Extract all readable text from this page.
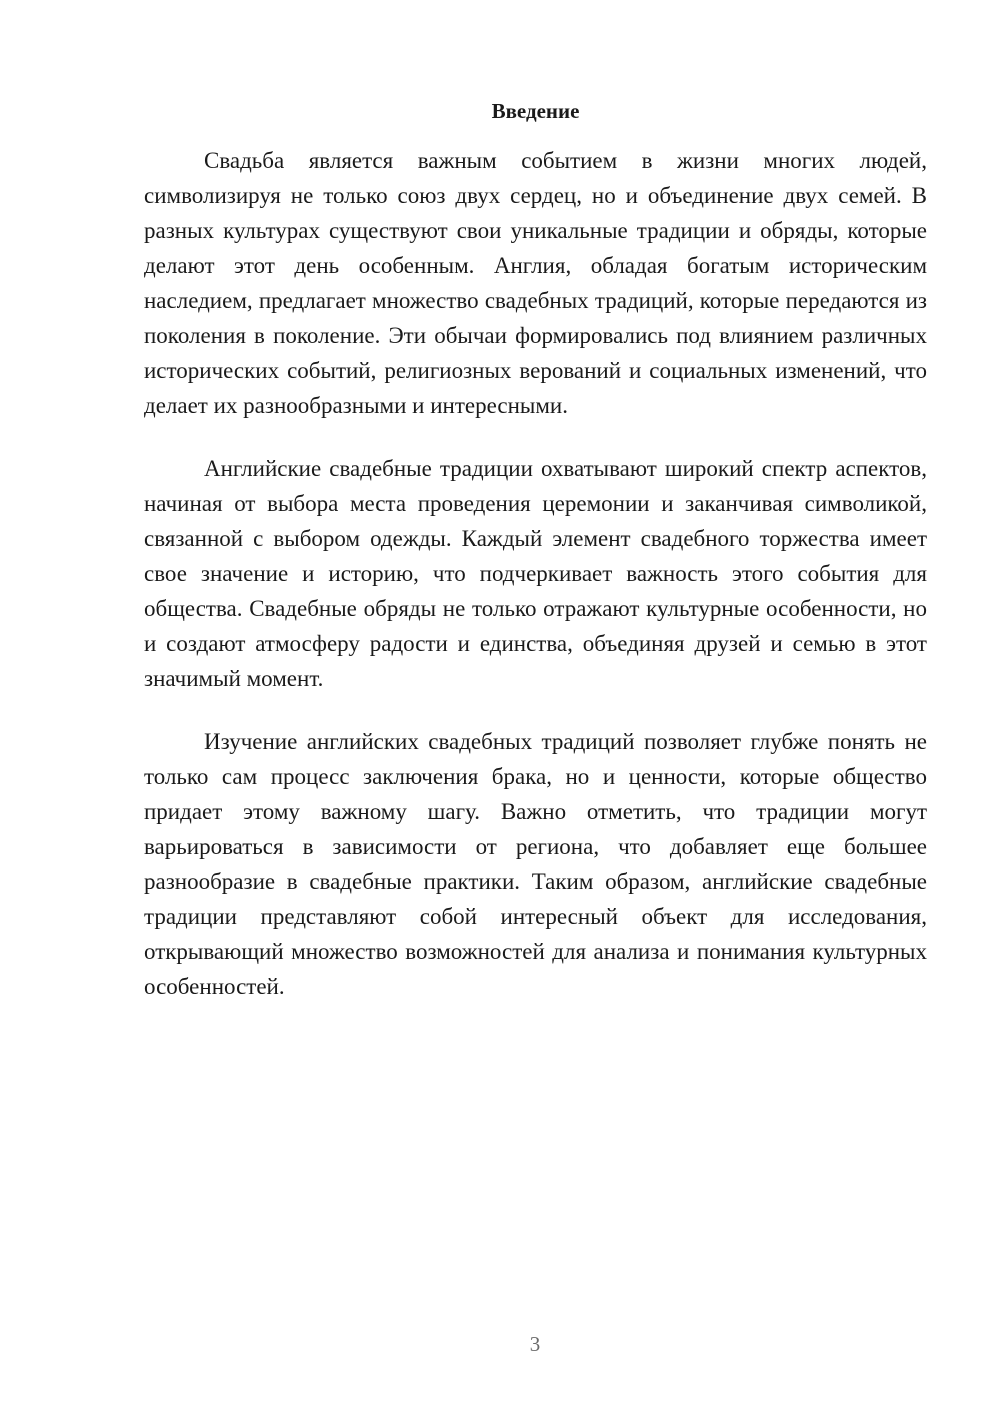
Введение

Свадьба является важным событием в жизни многих людей, символизируя не только союз двух сердец, но и объединение двух семей. В разных культурах существуют свои уникальные традиции и обряды, которые делают этот день особенным. Англия, обладая богатым историческим наследием, предлагает множество свадебных традиций, которые передаются из поколения в поколение. Эти обычаи формировались под влиянием различных исторических событий, религиозных верований и социальных изменений, что делает их разнообразными и интересными.

Английские свадебные традиции охватывают широкий спектр аспектов, начиная от выбора места проведения церемонии и заканчивая символикой, связанной с выбором одежды. Каждый элемент свадебного торжества имеет свое значение и историю, что подчеркивает важность этого события для общества. Свадебные обряды не только отражают культурные особенности, но и создают атмосферу радости и единства, объединяя друзей и семью в этот значимый момент.

Изучение английских свадебных традиций позволяет глубже понять не только сам процесс заключения брака, но и ценности, которые общество придает этому важному шагу. Важно отметить, что традиции могут варьироваться в зависимости от региона, что добавляет еще большее разнообразие в свадебные практики. Таким образом, английские свадебные традиции представляют собой интересный объект для исследования, открывающий множество возможностей для анализа и понимания культурных особенностей.

3
